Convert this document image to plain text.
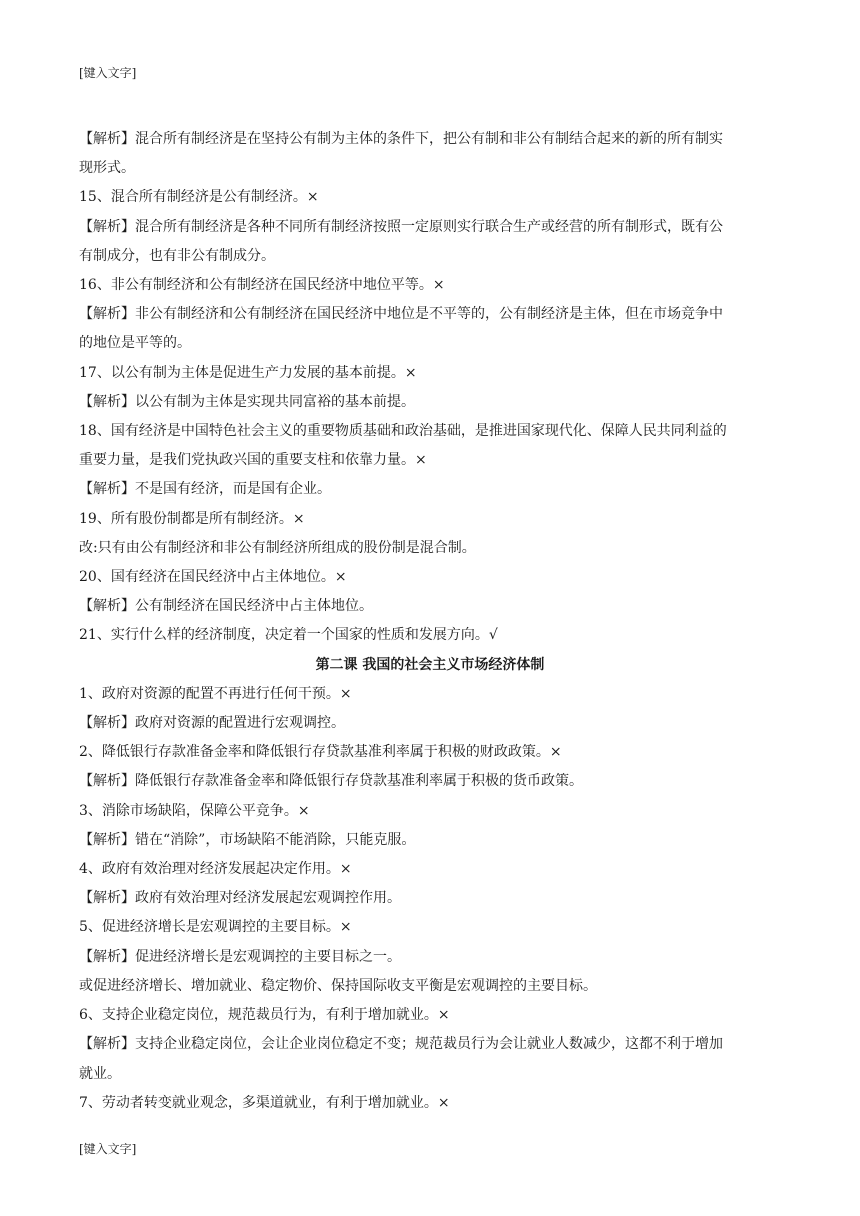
[键入文字]
【解析】混合所有制经济是在坚持公有制为主体的条件下，把公有制和非公有制结合起来的新的所有制实
现形式。
15、混合所有制经济是公有制经济。×
【解析】混合所有制经济是各种不同所有制经济按照一定原则实行联合生产或经营的所有制形式，既有公
有制成分，也有非公有制成分。
16、非公有制经济和公有制经济在国民经济中地位平等。×
【解析】非公有制经济和公有制经济在国民经济中地位是不平等的，公有制经济是主体，但在市场竞争中
的地位是平等的。
17、以公有制为主体是促进生产力发展的基本前提。×
【解析】以公有制为主体是实现共同富裕的基本前提。
18、国有经济是中国特色社会主义的重要物质基础和政治基础，是推进国家现代化、保障人民共同利益的
重要力量，是我们党执政兴国的重要支柱和依靠力量。×
【解析】不是国有经济，而是国有企业。
19、所有股份制都是所有制经济。×
改:只有由公有制经济和非公有制经济所组成的股份制是混合制。
20、国有经济在国民经济中占主体地位。×
【解析】公有制经济在国民经济中占主体地位。
21、实行什么样的经济制度，决定着一个国家的性质和发展方向。√
第二课 我国的社会主义市场经济体制
1、政府对资源的配置不再进行任何干预。×
【解析】政府对资源的配置进行宏观调控。
2、降低银行存款准备金率和降低银行存贷款基准利率属于积极的财政政策。×
【解析】降低银行存款准备金率和降低银行存贷款基准利率属于积极的货币政策。
3、消除市场缺陷，保障公平竞争。×
【解析】错在“消除”，市场缺陷不能消除，只能克服。
4、政府有效治理对经济发展起决定作用。×
【解析】政府有效治理对经济发展起宏观调控作用。
5、促进经济增长是宏观调控的主要目标。×
【解析】促进经济增长是宏观调控的主要目标之一。
或促进经济增长、增加就业、稳定物价、保持国际收支平衡是宏观调控的主要目标。
6、支持企业稳定岗位，规范裁员行为，有利于增加就业。×
【解析】支持企业稳定岗位，会让企业岗位稳定不变；规范裁员行为会让就业人数减少，这都不利于增加
就业。
7、劳动者转变就业观念，多渠道就业，有利于增加就业。×
[键入文字]
